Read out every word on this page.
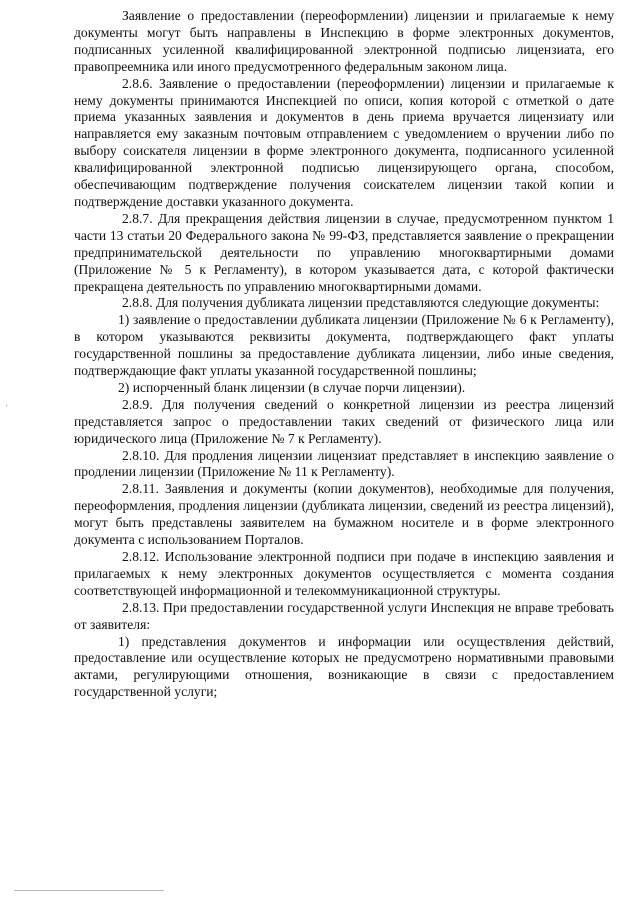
Заявление о предоставлении (переоформлении) лицензии и прилагаемые к нему документы могут быть направлены в Инспекцию в форме электронных документов, подписанных усиленной квалифицированной электронной подписью лицензиата, его правопреемника или иного предусмотренного федеральным законом лица.

2.8.6. Заявление о предоставлении (переоформлении) лицензии и прилагаемые к нему документы принимаются Инспекцией по описи, копия которой с отметкой о дате приема указанных заявления и документов в день приема вручается лицензиату или направляется ему заказным почтовым отправлением с уведомлением о вручении либо по выбору соискателя лицензии в форме электронного документа, подписанного усиленной квалифицированной электронной подписью лицензирующего органа, способом, обеспечивающим подтверждение получения соискателем лицензии такой копии и подтверждение доставки указанного документа.

2.8.7. Для прекращения действия лицензии в случае, предусмотренном пунктом 1 части 13 статьи 20 Федерального закона № 99-ФЗ, представляется заявление о прекращении предпринимательской деятельности по управлению многоквартирными домами (Приложение № 5 к Регламенту), в котором указывается дата, с которой фактически прекращена деятельность по управлению многоквартирными домами.

2.8.8. Для получения дубликата лицензии представляются следующие документы:

1) заявление о предоставлении дубликата лицензии (Приложение № 6 к Регламенту), в котором указываются реквизиты документа, подтверждающего факт уплаты государственной пошлины за предоставление дубликата лицензии, либо иные сведения, подтверждающие факт уплаты указанной государственной пошлины;

2) испорченный бланк лицензии (в случае порчи лицензии).

2.8.9. Для получения сведений о конкретной лицензии из реестра лицензий представляется запрос о предоставлении таких сведений от физического лица или юридического лица (Приложение № 7 к Регламенту).

2.8.10. Для продления лицензии лицензиат представляет в инспекцию заявление о продлении лицензии (Приложение № 11 к Регламенту).

2.8.11. Заявления и документы (копии документов), необходимые для получения, переоформления, продления лицензии (дубликата лицензии, сведений из реестра лицензий), могут быть представлены заявителем на бумажном носителе и в форме электронного документа с использованием Порталов.

2.8.12. Использование электронной подписи при подаче в инспекцию заявления и прилагаемых к нему электронных документов осуществляется с момента создания соответствующей информационной и телекоммуникационной структуры.

2.8.13. При предоставлении государственной услуги Инспекция не вправе требовать от заявителя:

1) представления документов и информации или осуществления действий, предоставление или осуществление которых не предусмотрено нормативными правовыми актами, регулирующими отношения, возникающие в связи с предоставлением государственной услуги;
